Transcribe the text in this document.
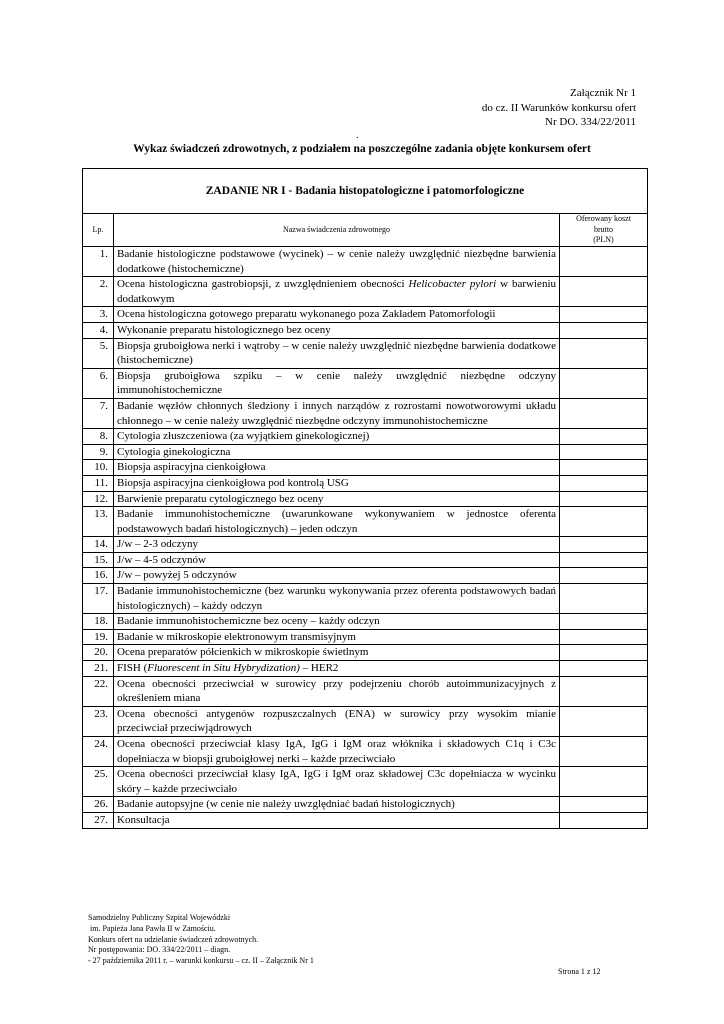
Załącznik Nr 1
do cz. II Warunków konkursu ofert
Nr DO. 334/22/2011
.
Wykaz świadczeń zdrowotnych, z podziałem na poszczególne zadania objęte konkursem ofert
ZADANIE NR I - Badania histopatologiczne i patomorfologiczne		
Lp.	Nazwa świadczenia zdrowotnego	Oferowany koszt
brutto
(PLN)
1.	Badanie histologiczne podstawowe (wycinek) – w cenie należy uwzględnić niezbędne barwienia dodatkowe (histochemiczne)	
2.	Ocena histologiczna gastrobiopsji, z uwzględnieniem obecności Helicobacter pylori w barwieniu dodatkowym	
3.	Ocena histologiczna gotowego preparatu wykonanego poza Zakładem Patomorfologii	
4.	Wykonanie preparatu histologicznego bez oceny	
5.	Biopsja gruboigłowa nerki i wątroby – w cenie należy uwzględnić niezbędne barwienia dodatkowe (histochemiczne)	
6.	Biopsja gruboigłowa szpiku – w cenie należy uwzględnić niezbędne odczyny immunohistochemiczne	
7.	Badanie węzłów chłonnych śledziony i innych narządów z rozrostami nowotworowymi układu chłonnego – w cenie należy uwzględnić niezbędne odczyny immunohistochemiczne	
8.	Cytologia złuszczeniowa (za wyjątkiem ginekologicznej)	
9.	Cytologia ginekologiczna	
10.	Biopsja aspiracyjna cienkoigłowa	
11.	Biopsja aspiracyjna cienkoigłowa pod kontrolą USG	
12.	Barwienie preparatu cytologicznego bez oceny	
13.	Badanie immunohistochemiczne (uwarunkowane wykonywaniem w jednostce oferenta podstawowych badań histologicznych) – jeden odczyn	
14.	J/w – 2-3 odczyny	
15.	J/w – 4-5 odczynów	
16.	J/w – powyżej 5 odczynów	
17.	Badanie immunohistochemiczne (bez warunku wykonywania przez oferenta podstawowych badań histologicznych) – każdy odczyn	
18.	Badanie immunohistochemiczne bez oceny – każdy odczyn	
19.	Badanie w mikroskopie elektronowym transmisyjnym	
20.	Ocena preparatów półcienkich w mikroskopie świetlnym	
21.	FISH (Fluorescent in Situ Hybrydization) – HER2	
22.	Ocena obecności przeciwciał w surowicy przy podejrzeniu chorób autoimmunizacyjnych z określeniem miana	
23.	Ocena obecności antygenów rozpuszczalnych (ENA) w surowicy przy wysokim mianie przeciwciał przeciwjądrowych	
24.	Ocena obecności przeciwciał klasy IgA, IgG i IgM oraz włóknika i składowych C1q i C3c dopełniacza w biopsji gruboigłowej nerki – każde przeciwciało	
25.	Ocena obecności przeciwciał klasy IgA, IgG i IgM oraz składowej C3c dopełniacza w wycinku skóry – każde przeciwciało	
26.	Badanie autopsyjne (w cenie nie należy uwzględniać badań histologicznych)	
27.	Konsultacja	
Samodzielny Publiczny Szpital Wojewódzki
im. Papieża Jana Pawła II w Zamościu.
Konkurs ofert na udzielanie świadczeń zdrowotnych.
Nr postępowania: DO. 334/22/2011 – diagn.
- 27 października 2011 r. – warunki konkursu – cz. II – Załącznik Nr 1
Strona 1 z 12
